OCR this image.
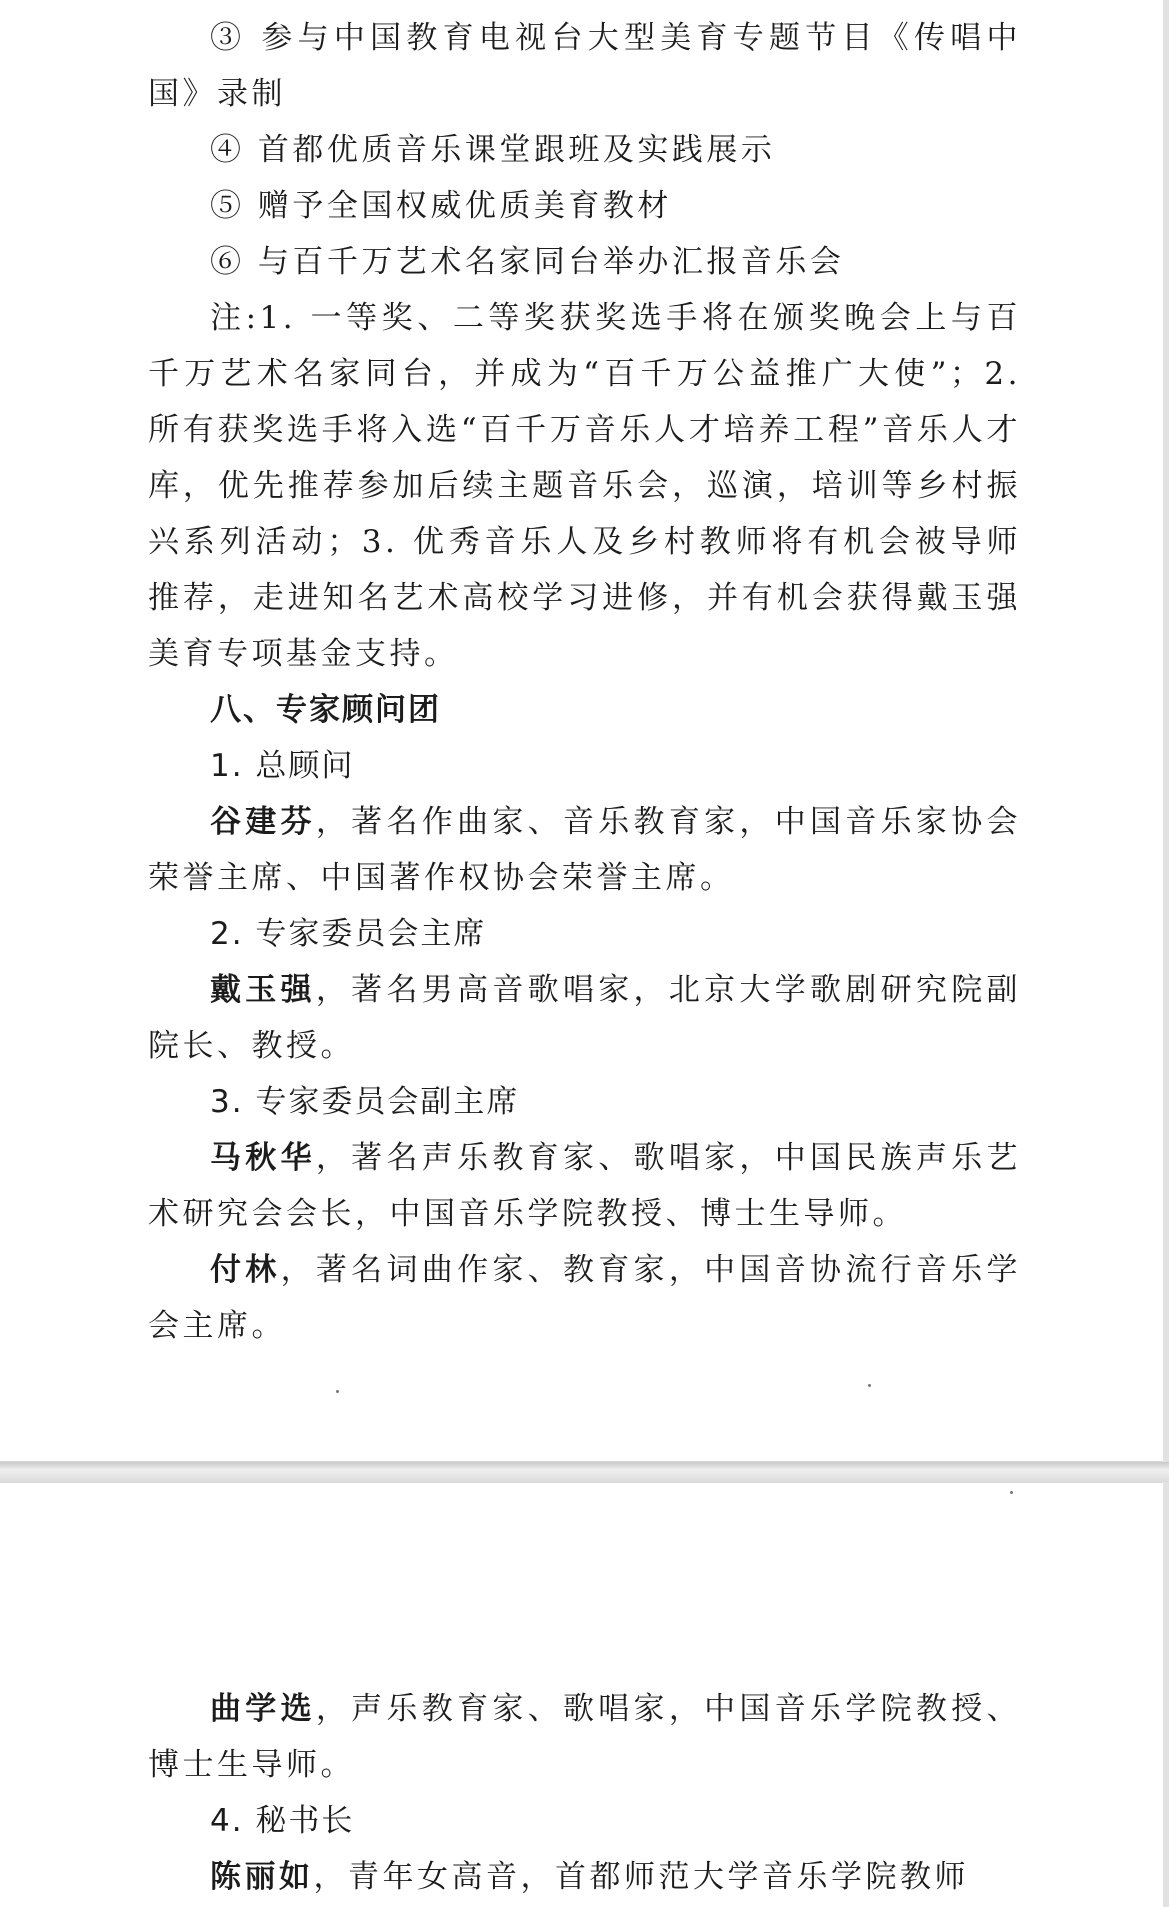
③ 参与中国教育电视台大型美育专题节目《传唱中国》录制

④ 首都优质音乐课堂跟班及实践展示

⑤ 赠予全国权威优质美育教材

⑥ 与百千万艺术名家同台举办汇报音乐会

注:1. 一等奖、二等奖获奖选手将在颁奖晚会上与百千万艺术名家同台，并成为“百千万公益推广大使”；2. 所有获奖选手将入选“百千万音乐人才培养工程”音乐人才库，优先推荐参加后续主题音乐会，巡演，培训等乡村振兴系列活动；3. 优秀音乐人及乡村教师将有机会被导师推荐，走进知名艺术高校学习进修，并有机会获得戴玉强美育专项基金支持。

八、专家顾问团

1. 总顾问

谷建芬，著名作曲家、音乐教育家，中国音乐家协会荣誉主席、中国著作权协会荣誉主席。

2. 专家委员会主席

戴玉强，著名男高音歌唱家，北京大学歌剧研究院副院长、教授。

3. 专家委员会副主席

马秋华，著名声乐教育家、歌唱家，中国民族声乐艺术研究会会长，中国音乐学院教授、博士生导师。

付林，著名词曲作家、教育家，中国音协流行音乐学会主席。

曲学选，声乐教育家、歌唱家，中国音乐学院教授、博士生导师。

4. 秘书长

陈丽如，青年女高音，首都师范大学音乐学院教师
